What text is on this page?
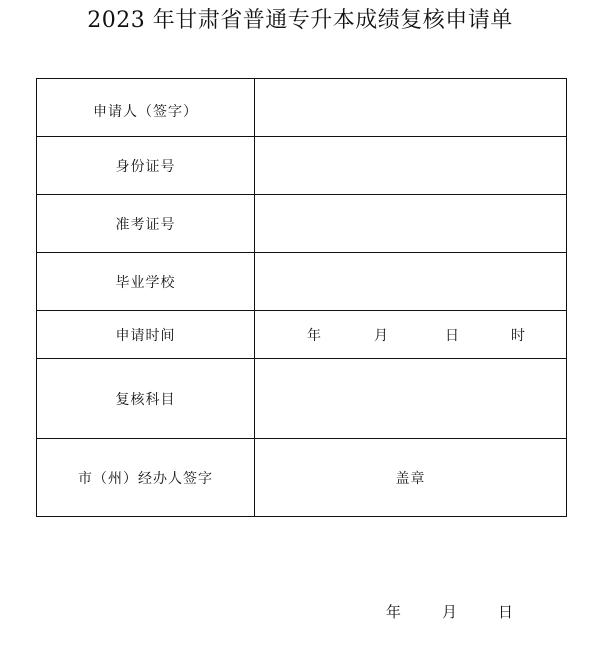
2023 年甘肃省普通专升本成绩复核申请单
申请人（签字）	
身份证号	
准考证号	
毕业学校	
申请时间	年 月 日 时

复核科目	
市（州）经办人签字	盖章
年	月	日
